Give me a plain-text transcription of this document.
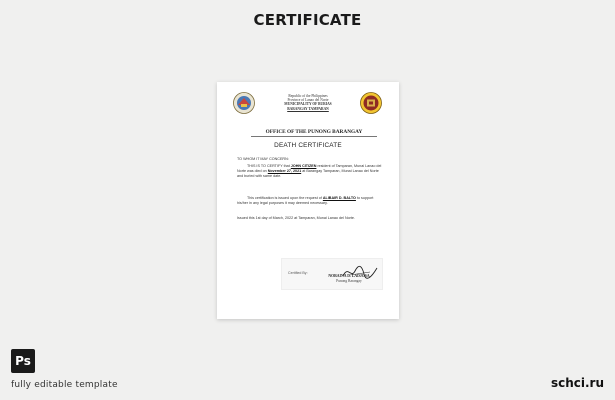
CERTIFICATE
Republic of the Philippines
Province of Lanao del Norte
MUNICIPALITY OF BURIAS
BARANGAY TAMPARAN
OFFICE OF THE PUNONG BARANGAY
DEATH CERTIFICATE
TO WHOM IT MAY CONCERN:
THIS IS TO CERTIFY that JOHN CITIZEN resident of Tamparan, Munai Lanao del Norte was died on November 27, 2021 at Barangay Tamparan, Munai Lanao del Norte and buried with same date.
This certification is issued upon the request of ALIBAIR D. BALTO to support his/her in any legal purposes it may deemed necessary.
Issued this 1st day of March, 2022 at Tamparan, Munai Lanao del Norte.
Certified By:
NORAINA D. LADJOSA
Punong Barangay
Ps
fully editable template	schci.ru
